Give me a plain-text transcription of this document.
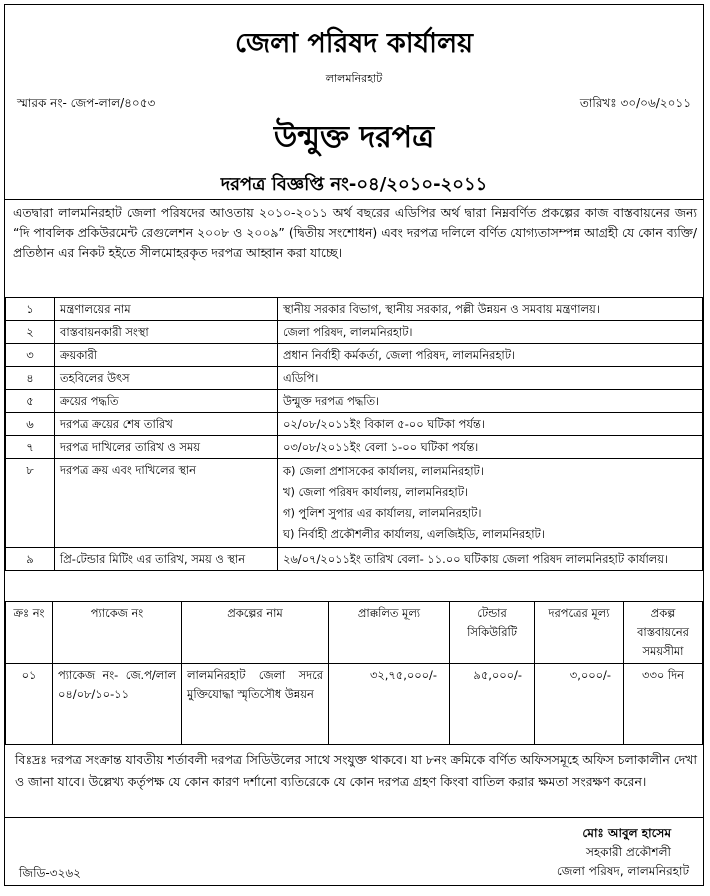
জেলা পরিষদ কার্যালয়
লালমনিরহাট
স্মারক নং- জেপ-লাল/৪০৫৩	তারিখঃ ৩০/০৬/২০১১
উন্মুক্ত দরপত্র
দরপত্র বিজ্ঞপ্তি নং-০৪/২০১০-২০১১
এতদ্বারা লালমনিরহাট জেলা পরিষদের আওতায় ২০১০-২০১১ অর্থ বছরের এডিপির অর্থ দ্বারা নিম্নবর্ণিত প্রকল্পের কাজ বাস্তবায়নের জন্য “দি পাবলিক প্রকিউরমেন্ট রেগুলেশন ২০০৮ ও ২০০৯” (দ্বিতীয় সংশোধন) এবং দরপত্র দলিলে বর্ণিত যোগ্যতাসম্পন্ন আগ্রহী যে কোন ব্যক্তি/প্রতিষ্ঠান এর নিকট হইতে সীলমোহরকৃত দরপত্র আহ্বান করা যাচ্ছে।
১	মন্ত্রণালয়ের নাম	স্থানীয় সরকার বিভাগ, স্থানীয় সরকার, পল্লী উন্নয়ন ও সমবায় মন্ত্রণালয়।
২	বাস্তবায়নকারী সংস্থা	জেলা পরিষদ, লালমনিরহাট।
৩	ক্রয়কারী	প্রধান নির্বাহী কর্মকর্তা, জেলা পরিষদ, লালমনিরহাট।
৪	তহবিলের উৎস	এডিপি।
৫	ক্রয়ের পদ্ধতি	উন্মুক্ত দরপত্র পদ্ধতি।
৬	দরপত্র ক্রয়ের শেষ তারিখ	০২/০৮/২০১১ইং বিকাল ৫-০০ ঘটিকা পর্যন্ত।
৭	দরপত্র দাখিলের তারিখ ও সময়	০৩/০৮/২০১১ইং বেলা ১-০০ ঘটিকা পর্যন্ত।
৮	দরপত্র ক্রয় এবং দাখিলের স্থান	ক) জেলা প্রশাসকের কার্যালয়, লালমনিরহাট।
খ) জেলা পরিষদ কার্যালয়, লালমনিরহাট।
গ) পুলিশ সুপার এর কার্যালয়, লালমনিরহাট।
ঘ) নির্বাহী প্রকৌশলীর কার্যালয়, এলজিইডি, লালমনিরহাট।

৯	প্রি-টেন্ডার মিটিং এর তারিখ, সময় ও স্থান	২৬/০৭/২০১১ইং তারিখ বেলা- ১১.০০ ঘটিকায় জেলা পরিষদ লালমনিরহাট কার্যালয়।
ক্রঃ নং	প্যাকেজ নং	প্রকল্পের নাম	প্রাক্কলিত মূল্য	টেন্ডার সিকিউরিটি	দরপত্রের মূল্য	প্রকল্প বাস্তবায়নের সময়সীমা
০১	প্যাকেজ নং- জে.প/লাল ০৪/০৮/১০-১১	লালমনিরহাট জেলা সদরে মুক্তিযোদ্ধা স্মৃতিসৌধ উন্নয়ন	৩২,৭৫,০০০/-	৯৫,০০০/-	৩,০০০/-	৩৩০ দিন
বিঃদ্রঃ দরপত্র সংক্রান্ত যাবতীয় শর্তাবলী দরপত্র সিডিউলের সাথে সংযুক্ত থাকবে। যা ৮নং ক্রমিকে বর্ণিত অফিসসমূহে অফিস চলাকালীন দেখা ও জানা যাবে। উল্লেখ্য কর্তৃপক্ষ যে কোন কারণ দর্শানো ব্যতিরেকে যে কোন দরপত্র গ্রহণ কিংবা বাতিল করার ক্ষমতা সংরক্ষণ করেন।
মোঃ আবুল হাসেম
সহকারী প্রকৌশলী
জেলা পরিষদ, লালমনিরহাট
জিডি-৩২৬২
